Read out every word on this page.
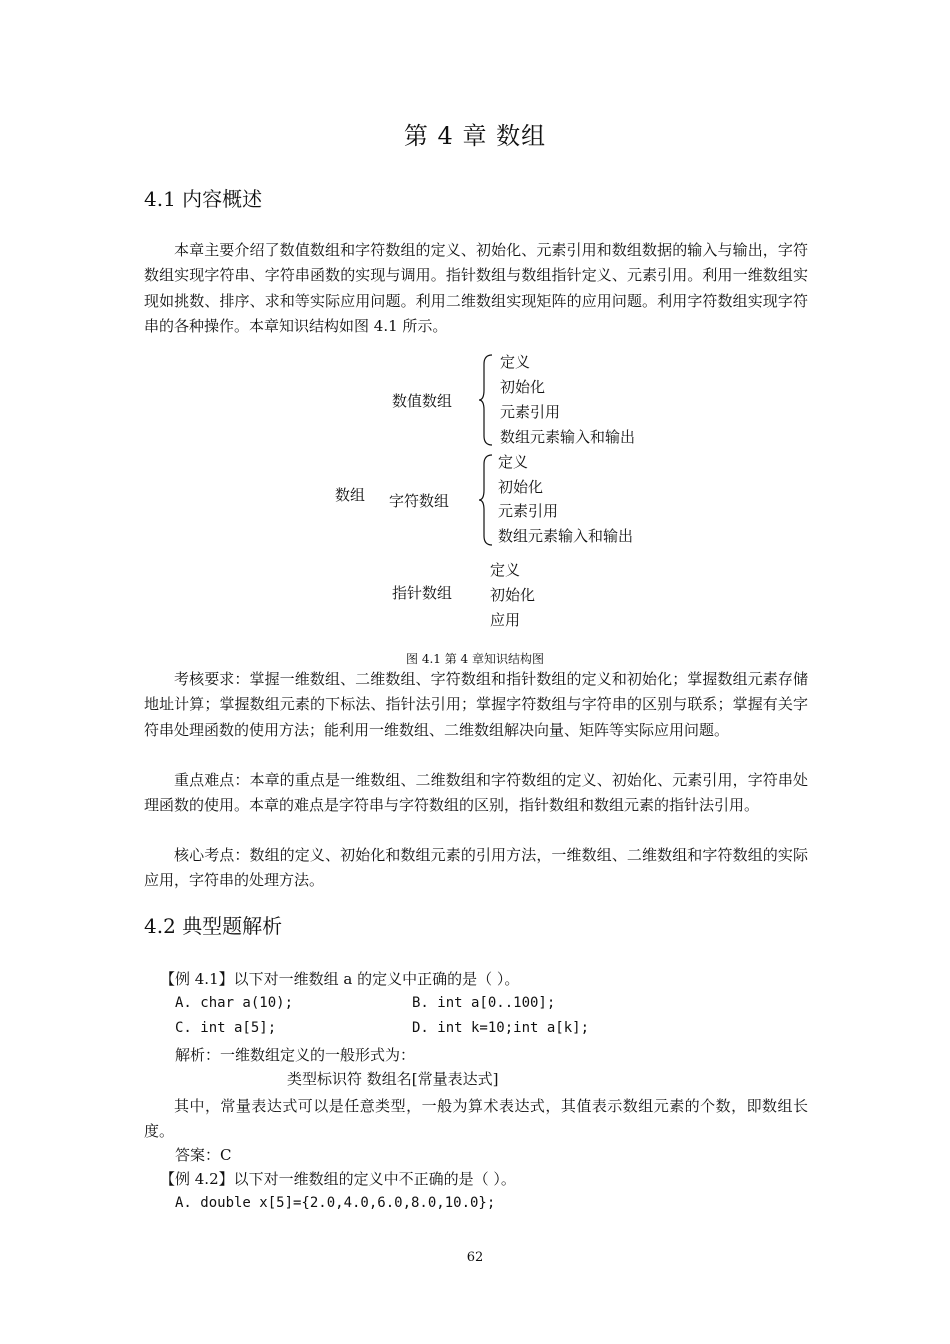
第 4 章 数组
4.1 内容概述
本章主要介绍了数值数组和字符数组的定义、初始化、元素引用和数组数据的输入与输出，字符数组实现字符串、字符串函数的实现与调用。指针数组与数组指针定义、元素引用。利用一维数组实现如挑数、排序、求和等实际应用问题。利用二维数组实现矩阵的应用问题。利用字符数组实现字符串的各种操作。本章知识结构如图 4.1 所示。
数组
数值数组
定义
初始化
元素引用
数组元素输入和输出
字符数组
定义
初始化
元素引用
数组元素输入和输出
指针数组
定义
初始化
应用
图 4.1 第 4 章知识结构图
考核要求：掌握一维数组、二维数组、字符数组和指针数组的定义和初始化；掌握数组元素存储地址计算；掌握数组元素的下标法、指针法引用；掌握字符数组与字符串的区别与联系；掌握有关字符串处理函数的使用方法；能利用一维数组、二维数组解决向量、矩阵等实际应用问题。
重点难点：本章的重点是一维数组、二维数组和字符数组的定义、初始化、元素引用，字符串处理函数的使用。本章的难点是字符串与字符数组的区别，指针数组和数组元素的指针法引用。
核心考点：数组的定义、初始化和数组元素的引用方法，一维数组、二维数组和字符数组的实际应用，字符串的处理方法。
4.2 典型题解析
【例 4.1】以下对一维数组 a 的定义中正确的是（ ）。
A. char a(10);	B. int a[0..100];
C. int a[5];	D. int k=10;int a[k];
解析：一维数组定义的一般形式为：
类型标识符 数组名[常量表达式]
其中，常量表达式可以是任意类型，一般为算术表达式，其值表示数组元素的个数，即数组长度。
答案：C
【例 4.2】以下对一维数组的定义中不正确的是（ ）。
A. double x[5]={2.0,4.0,6.0,8.0,10.0};
62
